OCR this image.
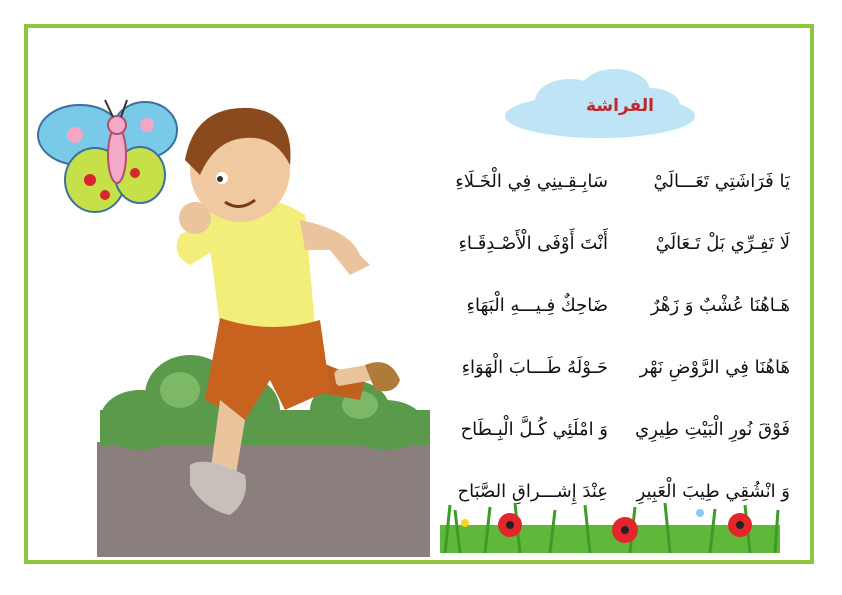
الفراشة
يَا فَرَاشَتِي تَعَـــالَيْ
سَابِـقِـينِي فِي الْخَـلَاءِ
لَا تَفِـرِّي بَلْ تَـعَالَيْ
أَنْتَ أَوْفَى الْأَصْـدِقَـاءِ
هَـاهُنَا عُشْبٌ وَ زَهْرٌ
ضَاحِكٌ فِـيـــهِ الْبَهَاءِ
هَاهُنَا فِي الرَّوْضِ نَهْر
حَـوْلَهُ طَـــابَ الْهَوَاءِ
فَوْقَ نُورِ الْبَيْتِ طِيرِي
وَ امْلَئِي كُـلَّ الْبِـطَاح
وَ انْشُقِي طِيبَ الْعَبِيرِ
عِنْدَ إِشـــراقِ الصَّبَاح
